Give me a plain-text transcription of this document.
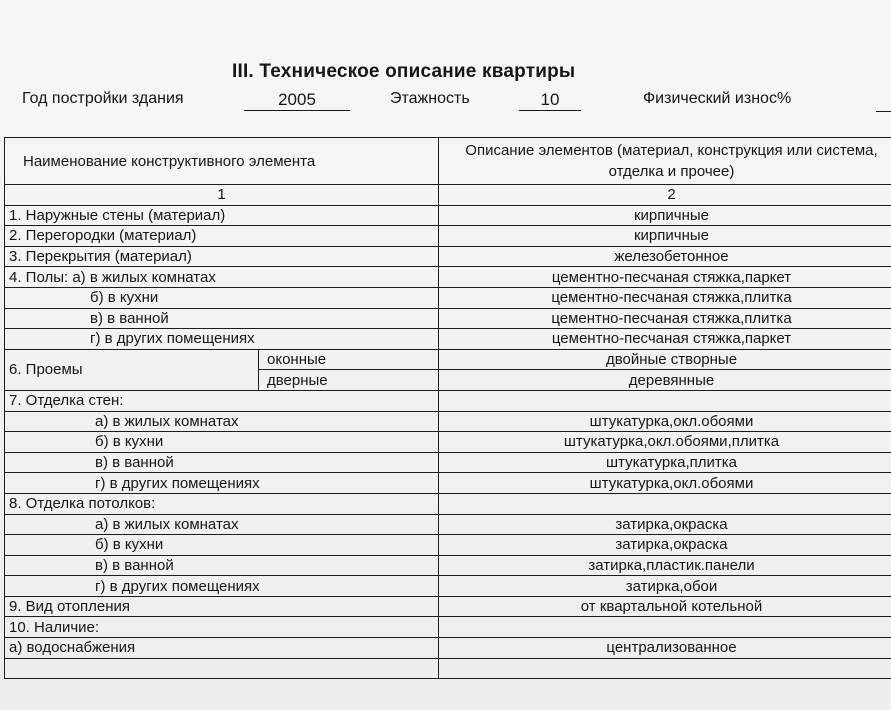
III. Техническое описание квартиры
Год постройки здания	2005	Этажность	10	Физический износ%
Наименование конструктивного элемента		Описание элементов (материал, конструкция или система, отделка и прочее)
1		2
1. Наружные стены (материал)		кирпичные
2. Перегородки (материал)		кирпичные
3. Перекрытия (материал)		железобетонное
4. Полы: а) в жилых комнатах		цементно-песчаная стяжка,паркет
б) в кухни		цементно-песчаная стяжка,плитка
в) в ванной		цементно-песчаная стяжка,плитка
г) в других помещениях		цементно-песчаная стяжка,паркет
6. Проемы	оконные	двойные створные
	дверные	деревянные
7. Отделка стен:		
а) в жилых комнатах		штукатурка,окл.обоями
б) в кухни		штукатурка,окл.обоями,плитка
в) в ванной		штукатурка,плитка
г) в других помещениях		штукатурка,окл.обоями
8. Отделка потолков:		
а) в жилых комнатах		затирка,окраска
б) в кухни		затирка,окраска
в) в ванной		затирка,пластик.панели
г) в других помещениях		затирка,обои
9. Вид отопления		от квартальной котельной
10. Наличие:		
а) водоснабжения		централизованное
